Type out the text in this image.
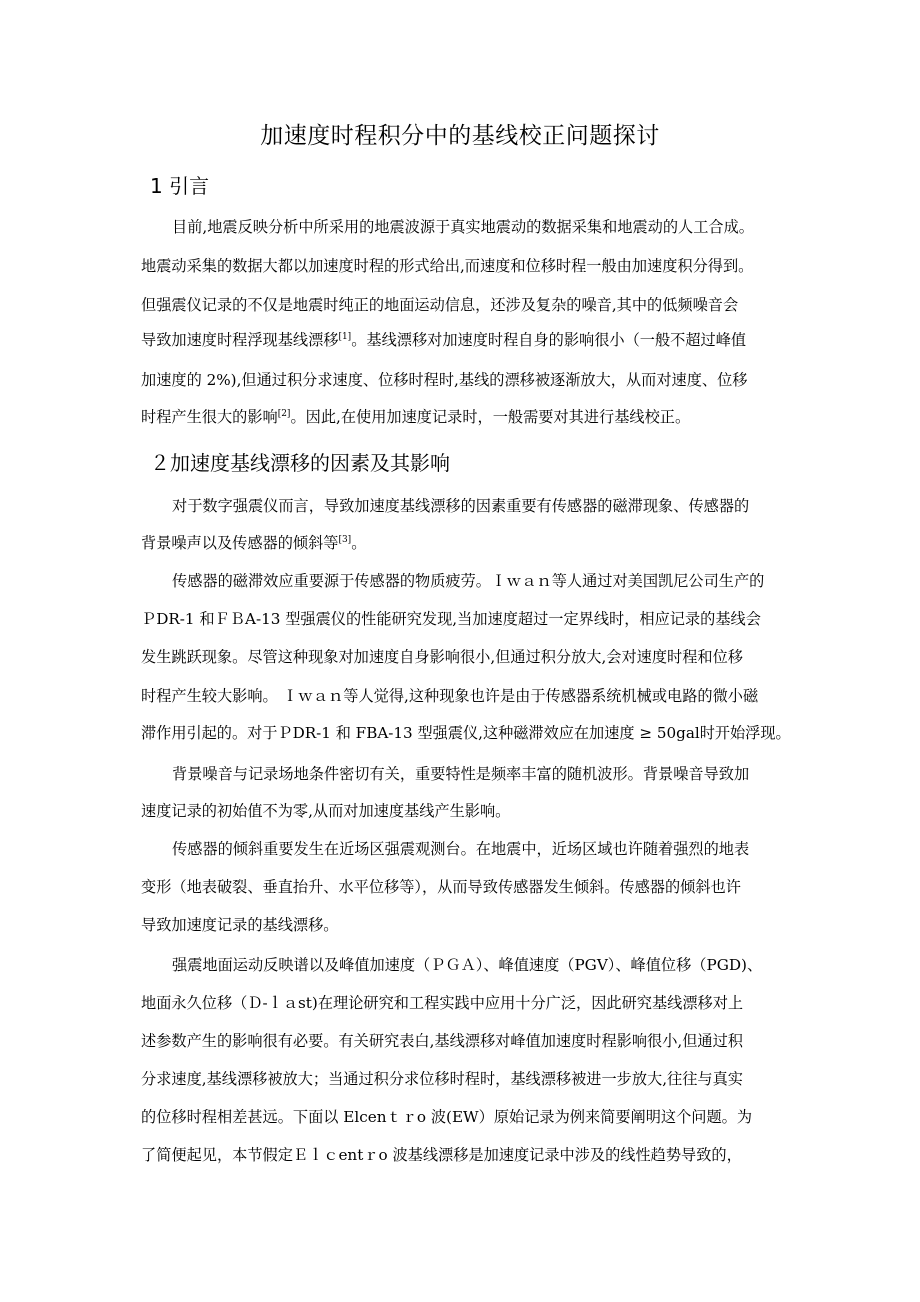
加速度时程积分中的基线校正问题探讨
1 引言
目前,地震反映分析中所采用的地震波源于真实地震动的数据采集和地震动的人工合成。
地震动采集的数据大都以加速度时程的形式给出,而速度和位移时程一般由加速度积分得到。
但强震仪记录的不仅是地震时纯正的地面运动信息，还涉及复杂的噪音,其中的低频噪音会
导致加速度时程浮现基线漂移[1]。基线漂移对加速度时程自身的影响很小（一般不超过峰值
加速度的 2%),但通过积分求速度、位移时程时,基线的漂移被逐渐放大，从而对速度、位移
时程产生很大的影响[2]。因此,在使用加速度记录时，一般需要对其进行基线校正。
２加速度基线漂移的因素及其影响
对于数字强震仪而言，导致加速度基线漂移的因素重要有传感器的磁滞现象、传感器的
背景噪声以及传感器的倾斜等[3]。
传感器的磁滞效应重要源于传感器的物质疲劳。Ｉｗａｎ等人通过对美国凯尼公司生产的
ＰDR-1 和ＦＢA-13 型强震仪的性能研究发现,当加速度超过一定界线时，相应记录的基线会
发生跳跃现象。尽管这种现象对加速度自身影响很小,但通过积分放大,会对速度时程和位移
时程产生较大影响。 Ｉｗａｎ等人觉得,这种现象也许是由于传感器系统机械或电路的微小磁
滞作用引起的。对于ＰDR-1 和 FBA-13 型强震仪,这种磁滞效应在加速度 ≥ 50gal时开始浮现。
背景噪音与记录场地条件密切有关，重要特性是频率丰富的随机波形。背景噪音导致加
速度记录的初始值不为零,从而对加速度基线产生影响。
传感器的倾斜重要发生在近场区强震观测台。在地震中，近场区域也许随着强烈的地表
变形（地表破裂、垂直抬升、水平位移等），从而导致传感器发生倾斜。传感器的倾斜也许
导致加速度记录的基线漂移。
强震地面运动反映谱以及峰值加速度（ＰＧＡ）、峰值速度（PGV）、峰值位移（PGD)、
地面永久位移（Ｄ-ｌａst)在理论研究和工程实践中应用十分广泛，因此研究基线漂移对上
述参数产生的影响很有必要。有关研究表白,基线漂移对峰值加速度时程影响很小,但通过积
分求速度,基线漂移被放大；当通过积分求位移时程时，基线漂移被进一步放大,往往与真实
的位移时程相差甚远。下面以 Elcenｔｒo 波(EW）原始记录为例来简要阐明这个问题。为
了简便起见，本节假定Ｅｌｃentｒo 波基线漂移是加速度记录中涉及的线性趋势导致的，
